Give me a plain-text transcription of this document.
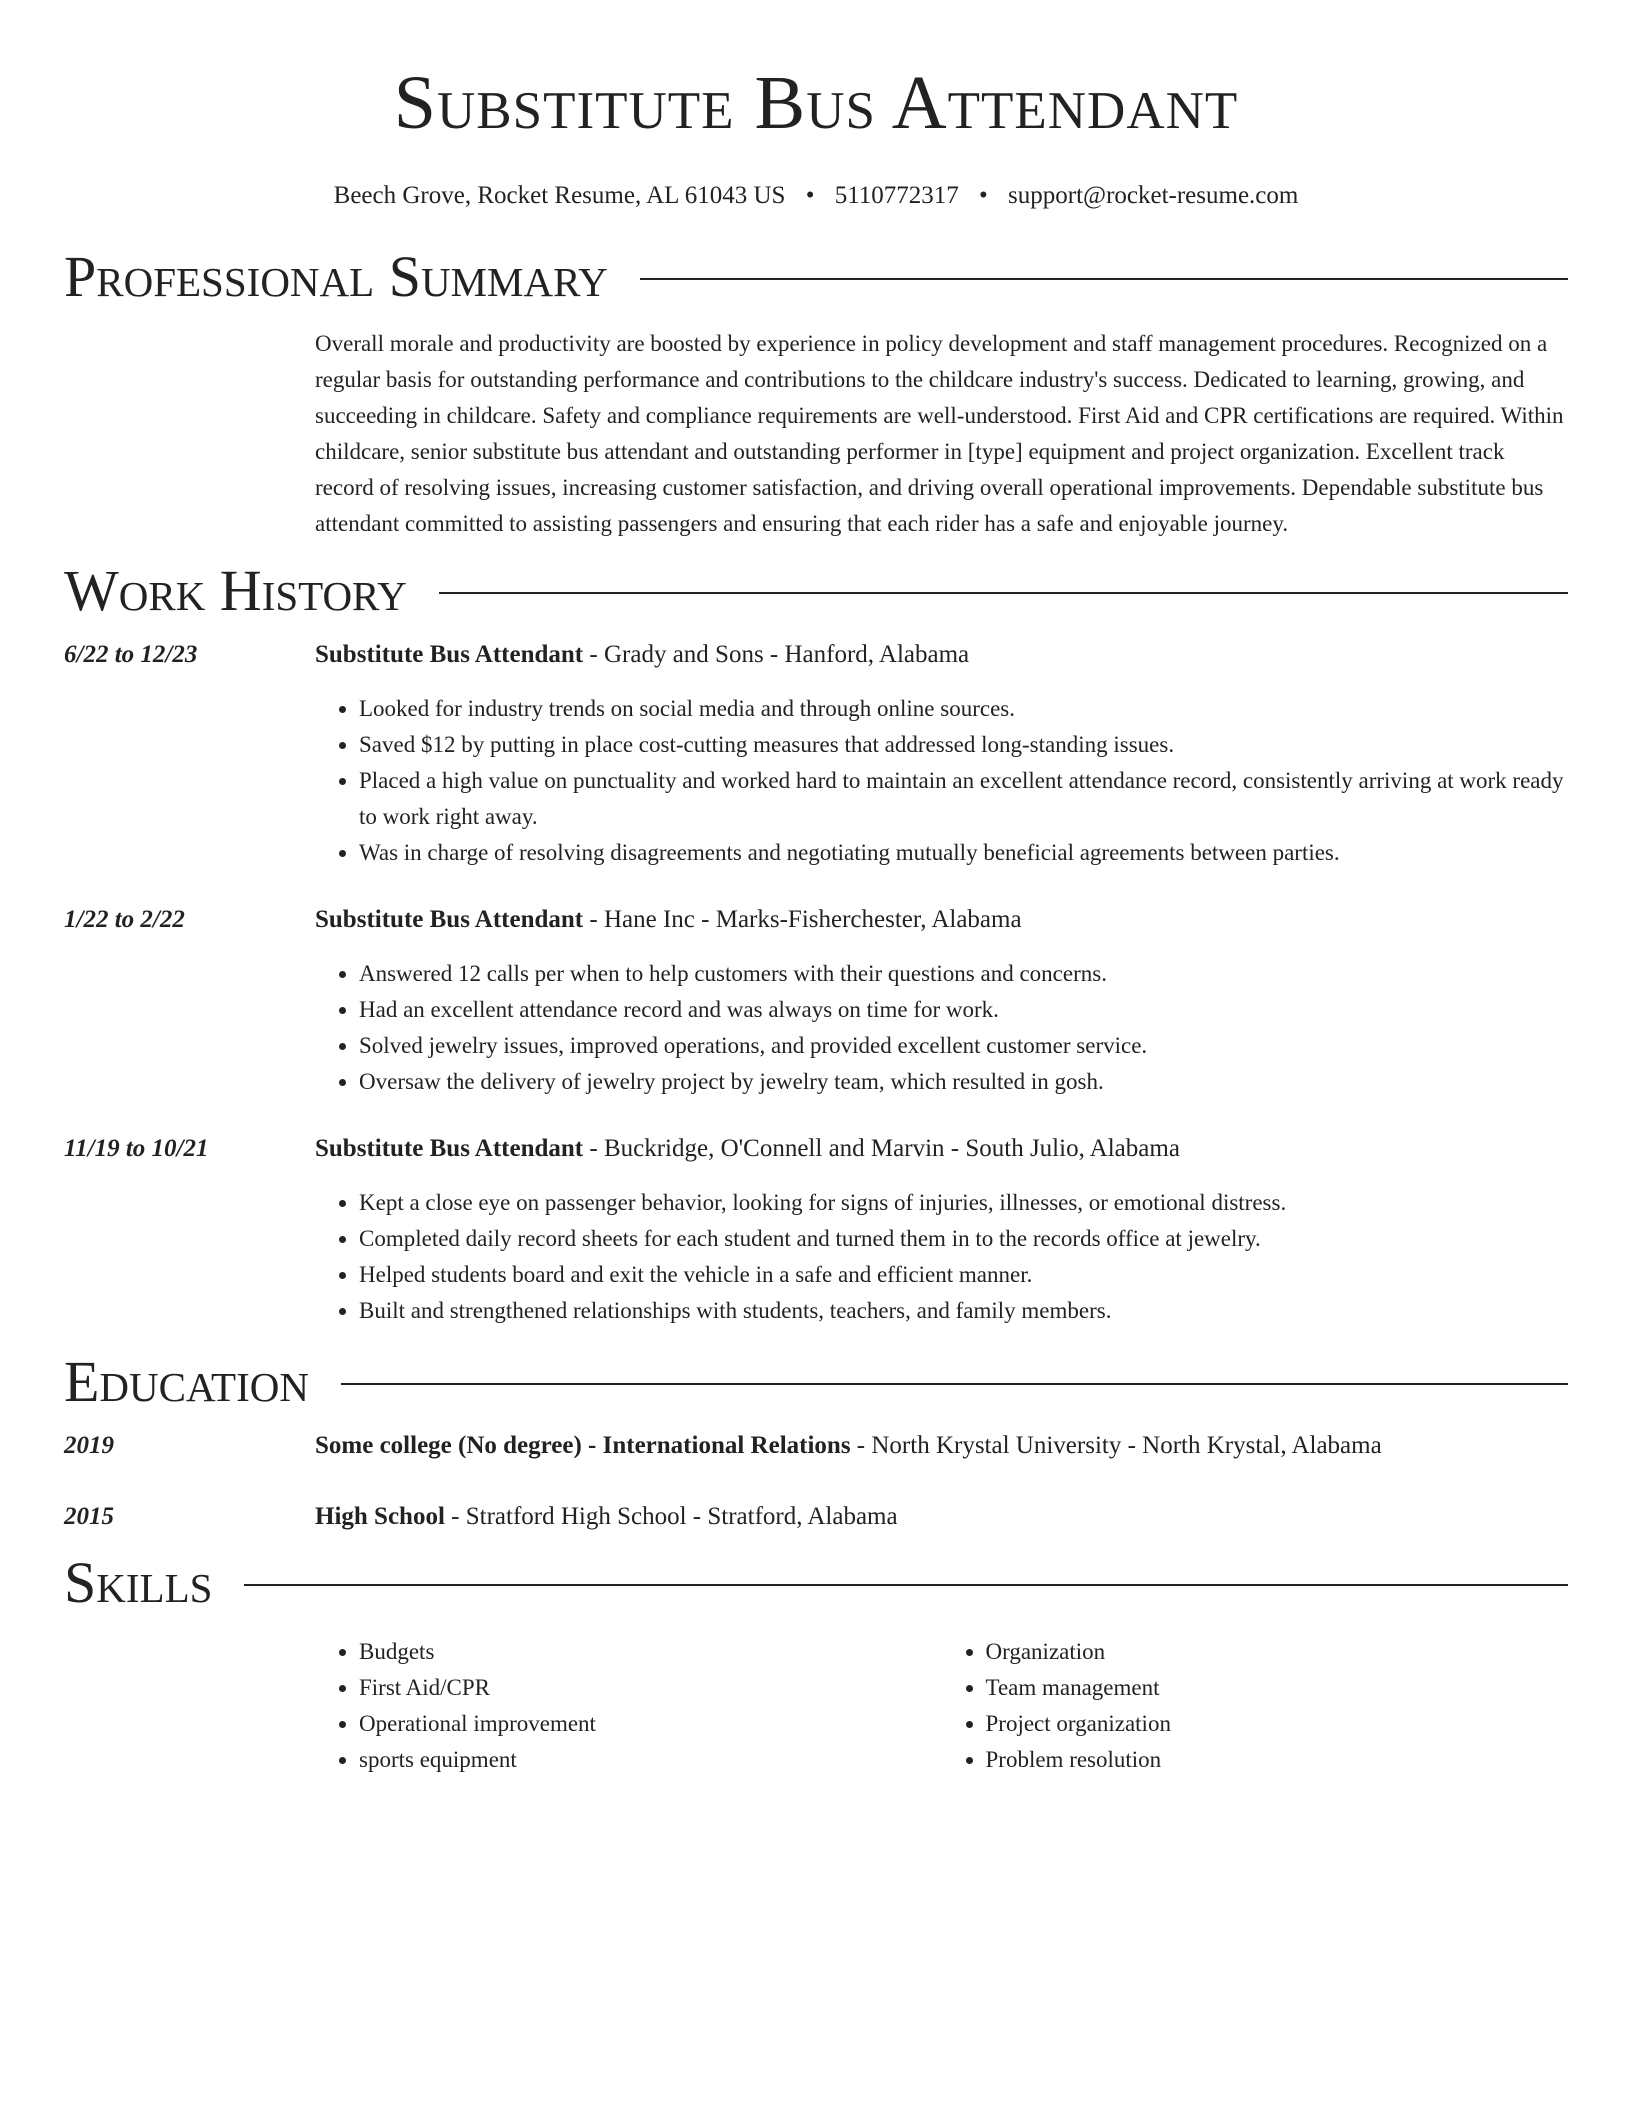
Substitute Bus Attendant
Beech Grove, Rocket Resume, AL 61043 US • 5110772317 • support@rocket-resume.com
Professional Summary
Overall morale and productivity are boosted by experience in policy development and staff management procedures. Recognized on a regular basis for outstanding performance and contributions to the childcare industry's success. Dedicated to learning, growing, and succeeding in childcare. Safety and compliance requirements are well-understood. First Aid and CPR certifications are required. Within childcare, senior substitute bus attendant and outstanding performer in [type] equipment and project organization. Excellent track record of resolving issues, increasing customer satisfaction, and driving overall operational improvements. Dependable substitute bus attendant committed to assisting passengers and ensuring that each rider has a safe and enjoyable journey.
Work History
6/22 to 12/23	Substitute Bus Attendant - Grady and Sons - Hanford, Alabama
• Looked for industry trends on social media and through online sources.
• Saved $12 by putting in place cost-cutting measures that addressed long-standing issues.
• Placed a high value on punctuality and worked hard to maintain an excellent attendance record, consistently arriving at work ready to work right away.
• Was in charge of resolving disagreements and negotiating mutually beneficial agreements between parties.
1/22 to 2/22	Substitute Bus Attendant - Hane Inc - Marks-Fisherchester, Alabama
• Answered 12 calls per when to help customers with their questions and concerns.
• Had an excellent attendance record and was always on time for work.
• Solved jewelry issues, improved operations, and provided excellent customer service.
• Oversaw the delivery of jewelry project by jewelry team, which resulted in gosh.
11/19 to 10/21	Substitute Bus Attendant - Buckridge, O'Connell and Marvin - South Julio, Alabama
• Kept a close eye on passenger behavior, looking for signs of injuries, illnesses, or emotional distress.
• Completed daily record sheets for each student and turned them in to the records office at jewelry.
• Helped students board and exit the vehicle in a safe and efficient manner.
• Built and strengthened relationships with students, teachers, and family members.
Education
2019	Some college (No degree) - International Relations - North Krystal University - North Krystal, Alabama
2015	High School - Stratford High School - Stratford, Alabama
Skills
• Budgets
• First Aid/CPR
• Operational improvement
• sports equipment
• Organization
• Team management
• Project organization
• Problem resolution
